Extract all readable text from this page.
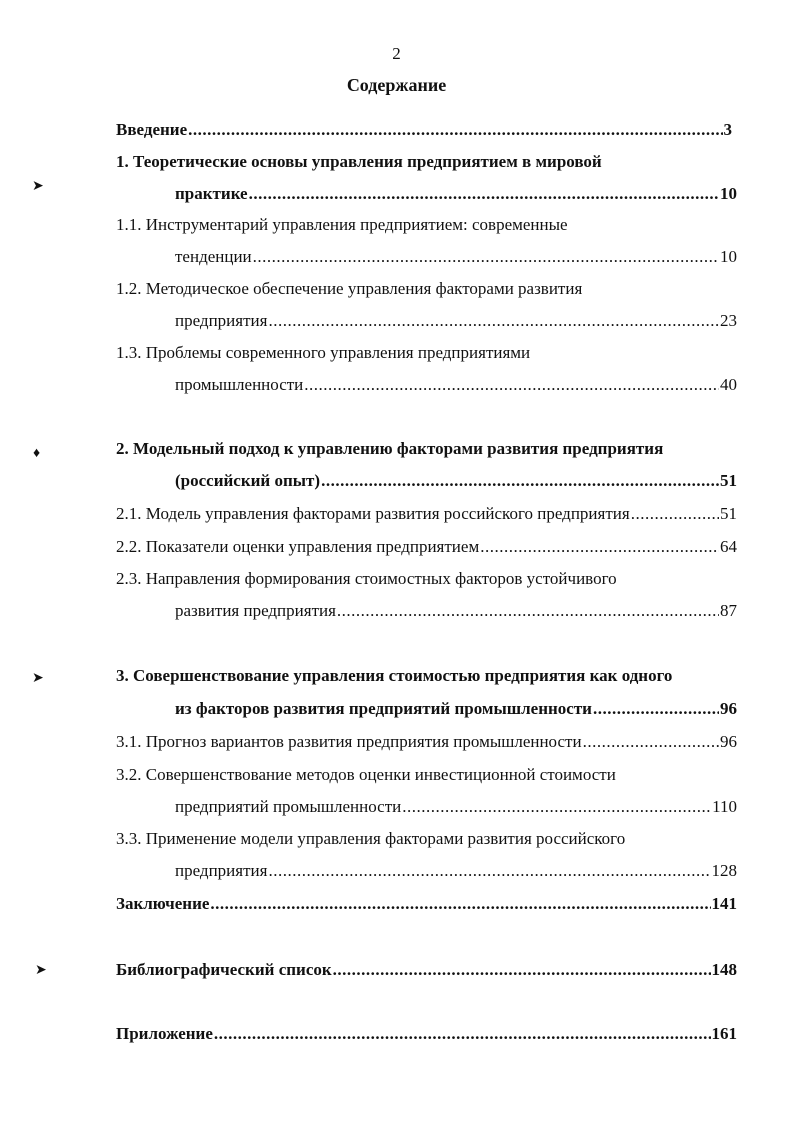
2
Содержание
➤
♦
➤
➤
Введение .....	3
1. Теоретические основы управления предприятием в мировой
практике .....	10
1.1. Инструментарий управления предприятием: современные
тенденции .....	10
1.2. Методическое обеспечение управления факторами развития
предприятия .....	23
1.3. Проблемы современного управления предприятиями
промышленности .....	40
2. Модельный подход к управлению факторами развития предприятия
(российский опыт) .....	51
2.1. Модель управления факторами развития российского предприятия .....	51
2.2. Показатели оценки управления предприятием .....	64
2.3. Направления формирования стоимостных факторов устойчивого
развития предприятия .....	87
3. Совершенствование управления стоимостью предприятия как одного
из факторов развития предприятий промышленности .....	96
3.1. Прогноз вариантов развития предприятия промышленности .....	96
3.2. Совершенствование методов оценки инвестиционной стоимости
предприятий промышленности .....	110
3.3. Применение модели управления факторами развития российского
предприятия .....	128
Заключение .....	141
Библиографический список .....	148
Приложение .....	161
